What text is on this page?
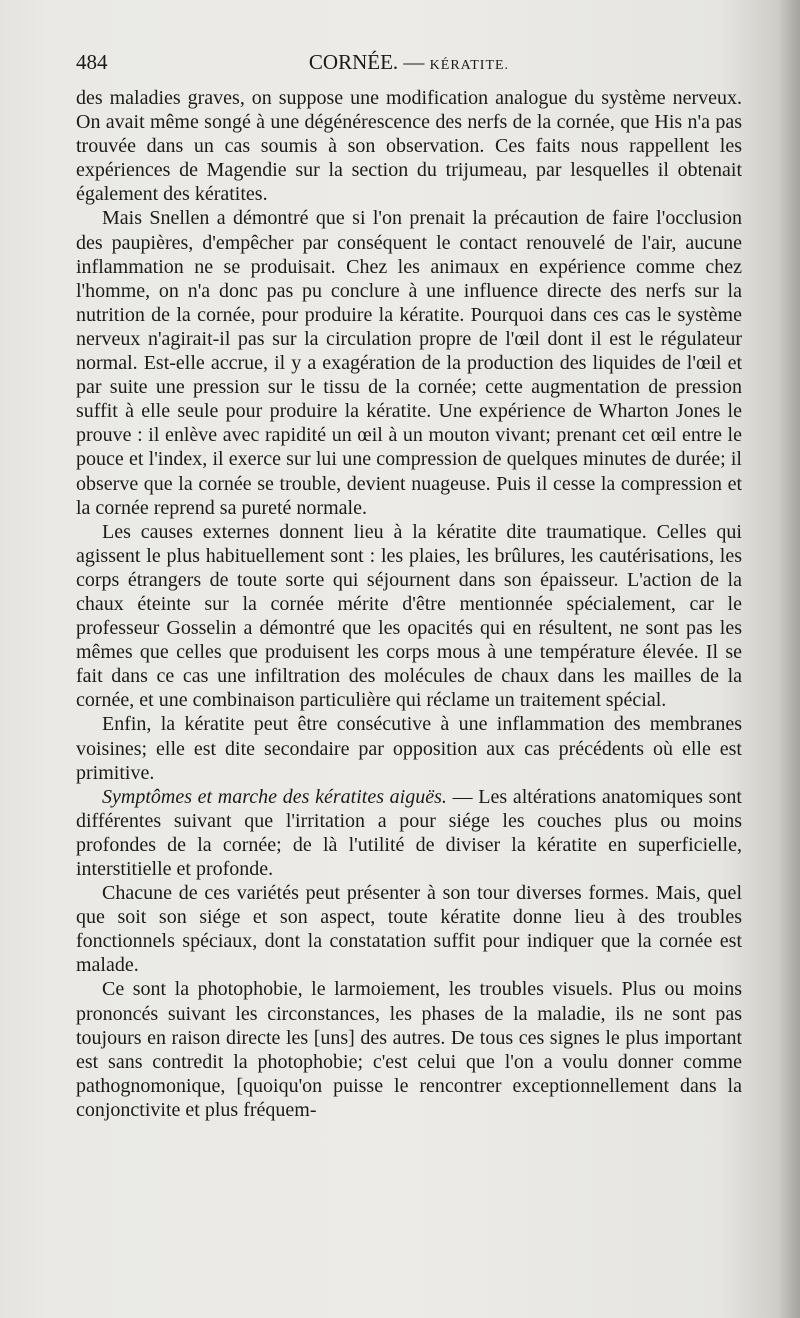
484	CORNÉE. — KÉRATITE.

des maladies graves, on suppose une modification analogue du système nerveux. On avait même songé à une dégénérescence des nerfs de la cornée, que His n'a pas trouvée dans un cas soumis à son observation. Ces faits nous rappellent les expériences de Magendie sur la section du trijumeau, par lesquelles il obtenait également des kératites.

Mais Snellen a démontré que si l'on prenait la précaution de faire l'occlusion des paupières, d'empêcher par conséquent le contact renouvelé de l'air, aucune inflammation ne se produisait. Chez les animaux en expérience comme chez l'homme, on n'a donc pas pu conclure à une influence directe des nerfs sur la nutrition de la cornée, pour produire la kératite. Pourquoi dans ces cas le système nerveux n'agirait-il pas sur la circulation propre de l'œil dont il est le régulateur normal. Est-elle accrue, il y a exagération de la production des liquides de l'œil et par suite une pression sur le tissu de la cornée; cette augmentation de pression suffit à elle seule pour produire la kératite. Une expérience de Wharton Jones le prouve : il enlève avec rapidité un œil à un mouton vivant; prenant cet œil entre le pouce et l'index, il exerce sur lui une compression de quelques minutes de durée; il observe que la cornée se trouble, devient nuageuse. Puis il cesse la compression et la cornée reprend sa pureté normale.

Les causes externes donnent lieu à la kératite dite traumatique. Celles qui agissent le plus habituellement sont : les plaies, les brûlures, les cautérisations, les corps étrangers de toute sorte qui séjournent dans son épaisseur. L'action de la chaux éteinte sur la cornée mérite d'être mentionnée spécialement, car le professeur Gosselin a démontré que les opacités qui en résultent, ne sont pas les mêmes que celles que produisent les corps mous à une température élevée. Il se fait dans ce cas une infiltration des molécules de chaux dans les mailles de la cornée, et une combinaison particulière qui réclame un traitement spécial.

Enfin, la kératite peut être consécutive à une inflammation des membranes voisines; elle est dite secondaire par opposition aux cas précédents où elle est primitive.

Symptômes et marche des kératites aiguës. — Les altérations anatomiques sont différentes suivant que l'irritation a pour siége les couches plus ou moins profondes de la cornée; de là l'utilité de diviser la kératite en superficielle, interstitielle et profonde.

Chacune de ces variétés peut présenter à son tour diverses formes. Mais, quel que soit son siége et son aspect, toute kératite donne lieu à des troubles fonctionnels spéciaux, dont la constatation suffit pour indiquer que la cornée est malade.

Ce sont la photophobie, le larmoiement, les troubles visuels. Plus ou moins prononcés suivant les circonstances, les phases de la maladie, ils ne sont pas toujours en raison directe les [uns] des autres. De tous ces signes le plus important est sans contredit la photophobie; c'est celui que l'on a voulu donner comme pathognomonique, [quoiqu'on puisse le rencontrer exceptionnellement dans la conjonctivite et plus fréquem-
